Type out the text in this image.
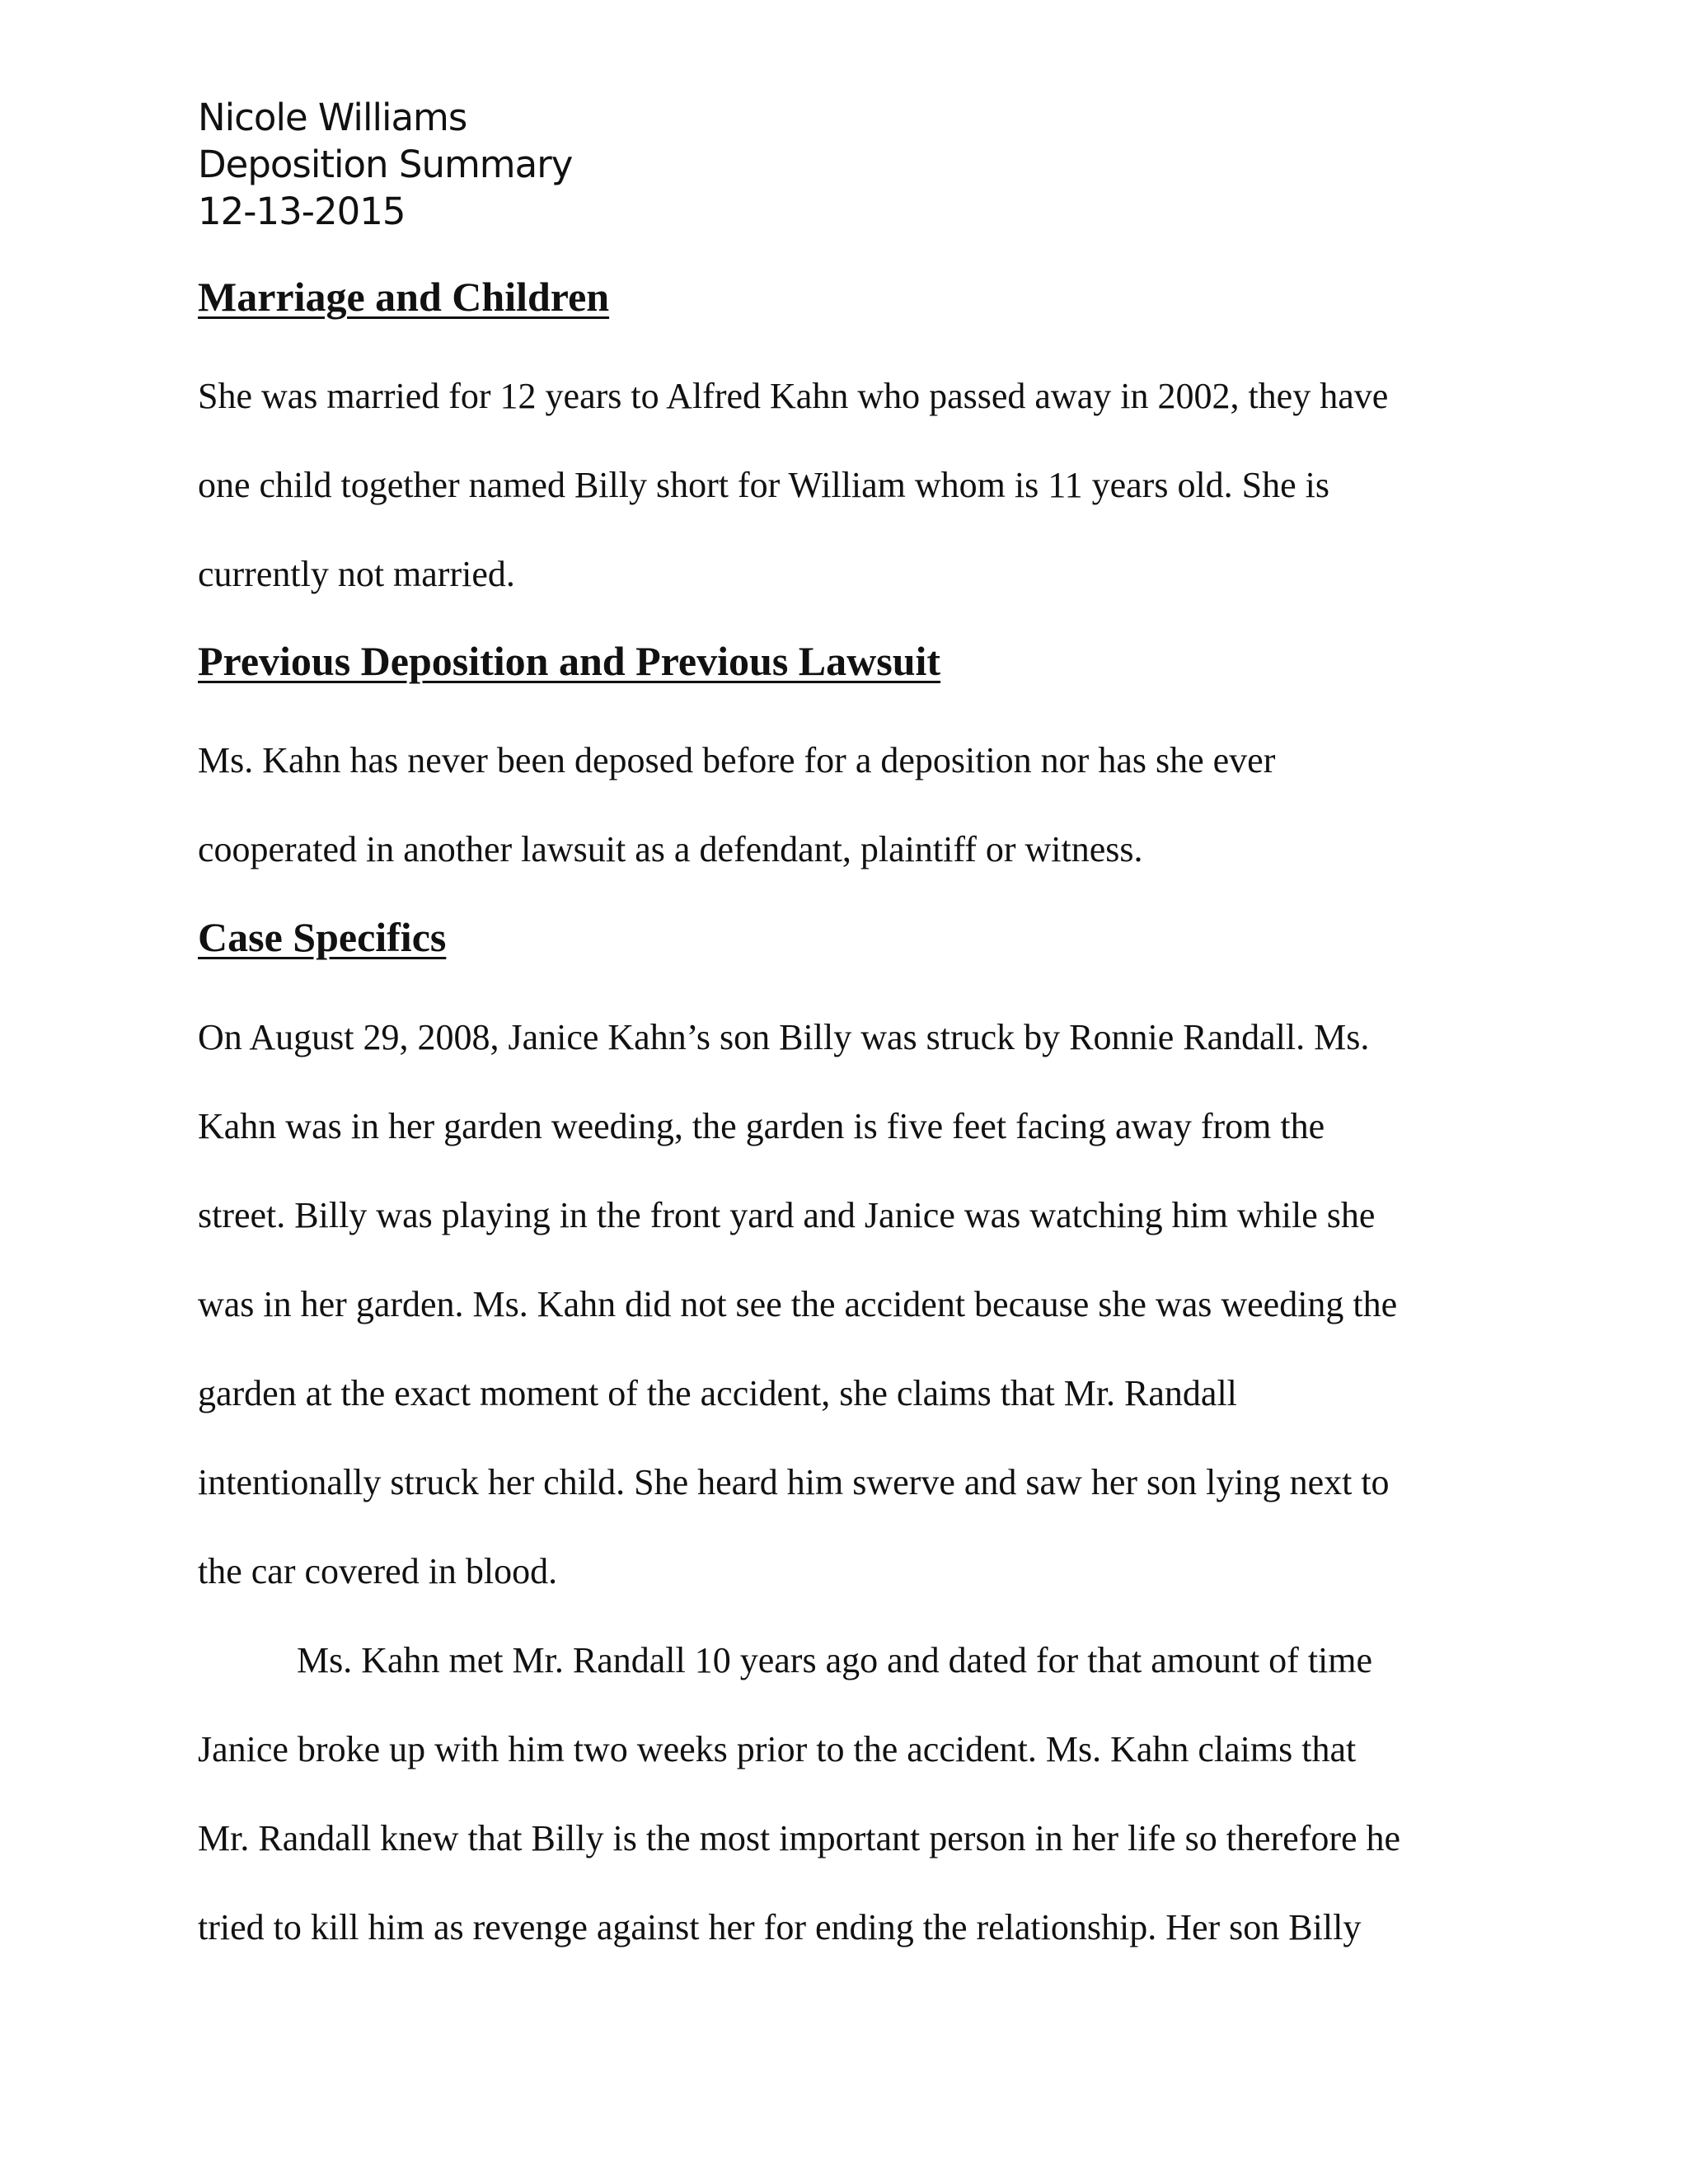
Nicole Williams
Deposition Summary
12-13-2015
Marriage and Children
She was married for 12 years to Alfred Kahn who passed away in 2002, they have
one child together named Billy short for William whom is 11 years old. She is
currently not married.
Previous Deposition and Previous Lawsuit
Ms. Kahn has never been deposed before for a deposition nor has she ever
cooperated in another lawsuit as a defendant, plaintiff or witness.
Case Specifics
On August 29, 2008, Janice Kahn’s son Billy was struck by Ronnie Randall. Ms.
Kahn was in her garden weeding, the garden is five feet facing away from the
street. Billy was playing in the front yard and Janice was watching him while she
was in her garden. Ms. Kahn did not see the accident because she was weeding the
garden at the exact moment of the accident, she claims that Mr. Randall
intentionally struck her child. She heard him swerve and saw her son lying next to
the car covered in blood.
Ms. Kahn met Mr. Randall 10 years ago and dated for that amount of time
Janice broke up with him two weeks prior to the accident. Ms. Kahn claims that
Mr. Randall knew that Billy is the most important person in her life so therefore he
tried to kill him as revenge against her for ending the relationship. Her son Billy
